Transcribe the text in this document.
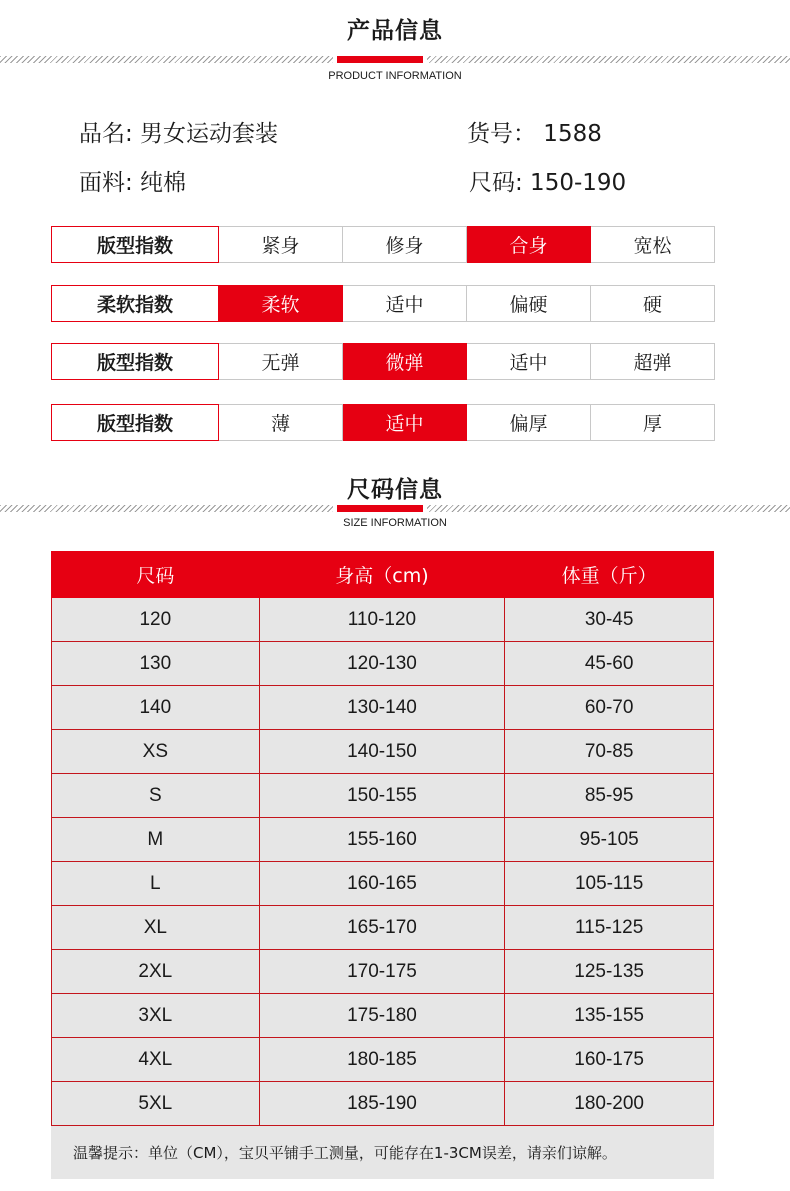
产品信息
PRODUCT INFORMATION
品名: 男女运动套装	货号： 1588
面料: 纯棉	尺码: 150-190
版型指数	紧身	修身	合身	宽松
柔软指数	柔软	适中	偏硬	硬
版型指数	无弹	微弹	适中	超弹
版型指数	薄	适中	偏厚	厚
尺码信息
SIZE INFORMATION
尺码	身高（cm)	体重（斤）
120	110-120	30-45
130	120-130	45-60
140	130-140	60-70
XS	140-150	70-85
S	150-155	85-95
M	155-160	95-105
L	160-165	105-115
XL	165-170	115-125
2XL	170-175	125-135
3XL	175-180	135-155
4XL	180-185	160-175
5XL	185-190	180-200
温馨提示：单位（CM），宝贝平铺手工测量，可能存在1-3CM误差，请亲们谅解。
